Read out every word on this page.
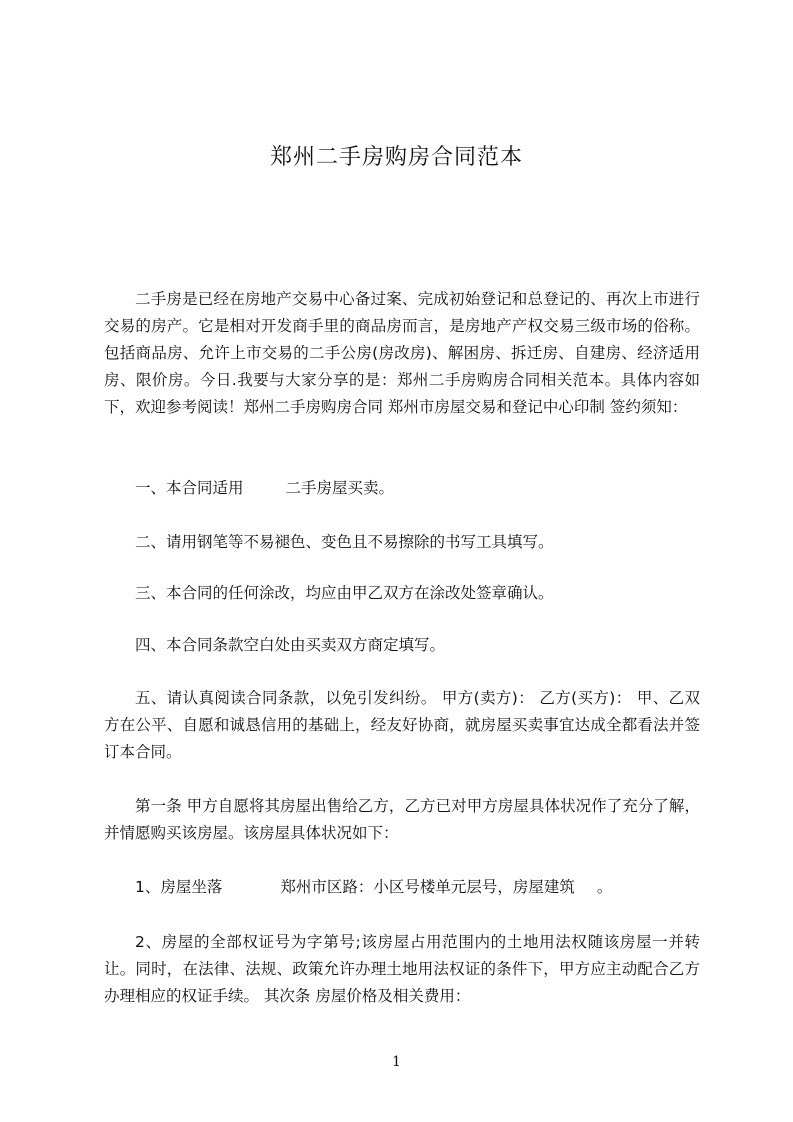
郑州二手房购房合同范本

二手房是已经在房地产交易中心备过案、完成初始登记和总登记的、再次上市进行交易的房产。它是相对开发商手里的商品房而言，是房地产产权交易三级市场的俗称。包括商品房、允许上市交易的二手公房(房改房)、解困房、拆迁房、自建房、经济适用房、限价房。今日.我要与大家分享的是：郑州二手房购房合同相关范本。具体内容如下，欢迎参考阅读！郑州二手房购房合同 郑州市房屋交易和登记中心印制 签约须知：

一、本合同适用	二手房屋买卖。

二、请用钢笔等不易褪色、变色且不易擦除的书写工具填写。

三、本合同的任何涂改，均应由甲乙双方在涂改处签章确认。

四、本合同条款空白处由买卖双方商定填写。

五、请认真阅读合同条款，以免引发纠纷。 甲方(卖方)： 乙方(买方)： 甲、乙双方在公平、自愿和诚恳信用的基础上，经友好协商，就房屋买卖事宜达成全都看法并签订本合同。

第一条 甲方自愿将其房屋出售给乙方，乙方已对甲方房屋具体状况作了充分了解，并情愿购买该房屋。该房屋具体状况如下：

1、房屋坐落	郑州市区路：小区号楼单元层号，房屋建筑 。

2、房屋的全部权证号为字第号;该房屋占用范围内的土地用法权随该房屋一并转让。同时，在法律、法规、政策允许办理土地用法权证的条件下，甲方应主动配合乙方办理相应的权证手续。 其次条 房屋价格及相关费用：

1
